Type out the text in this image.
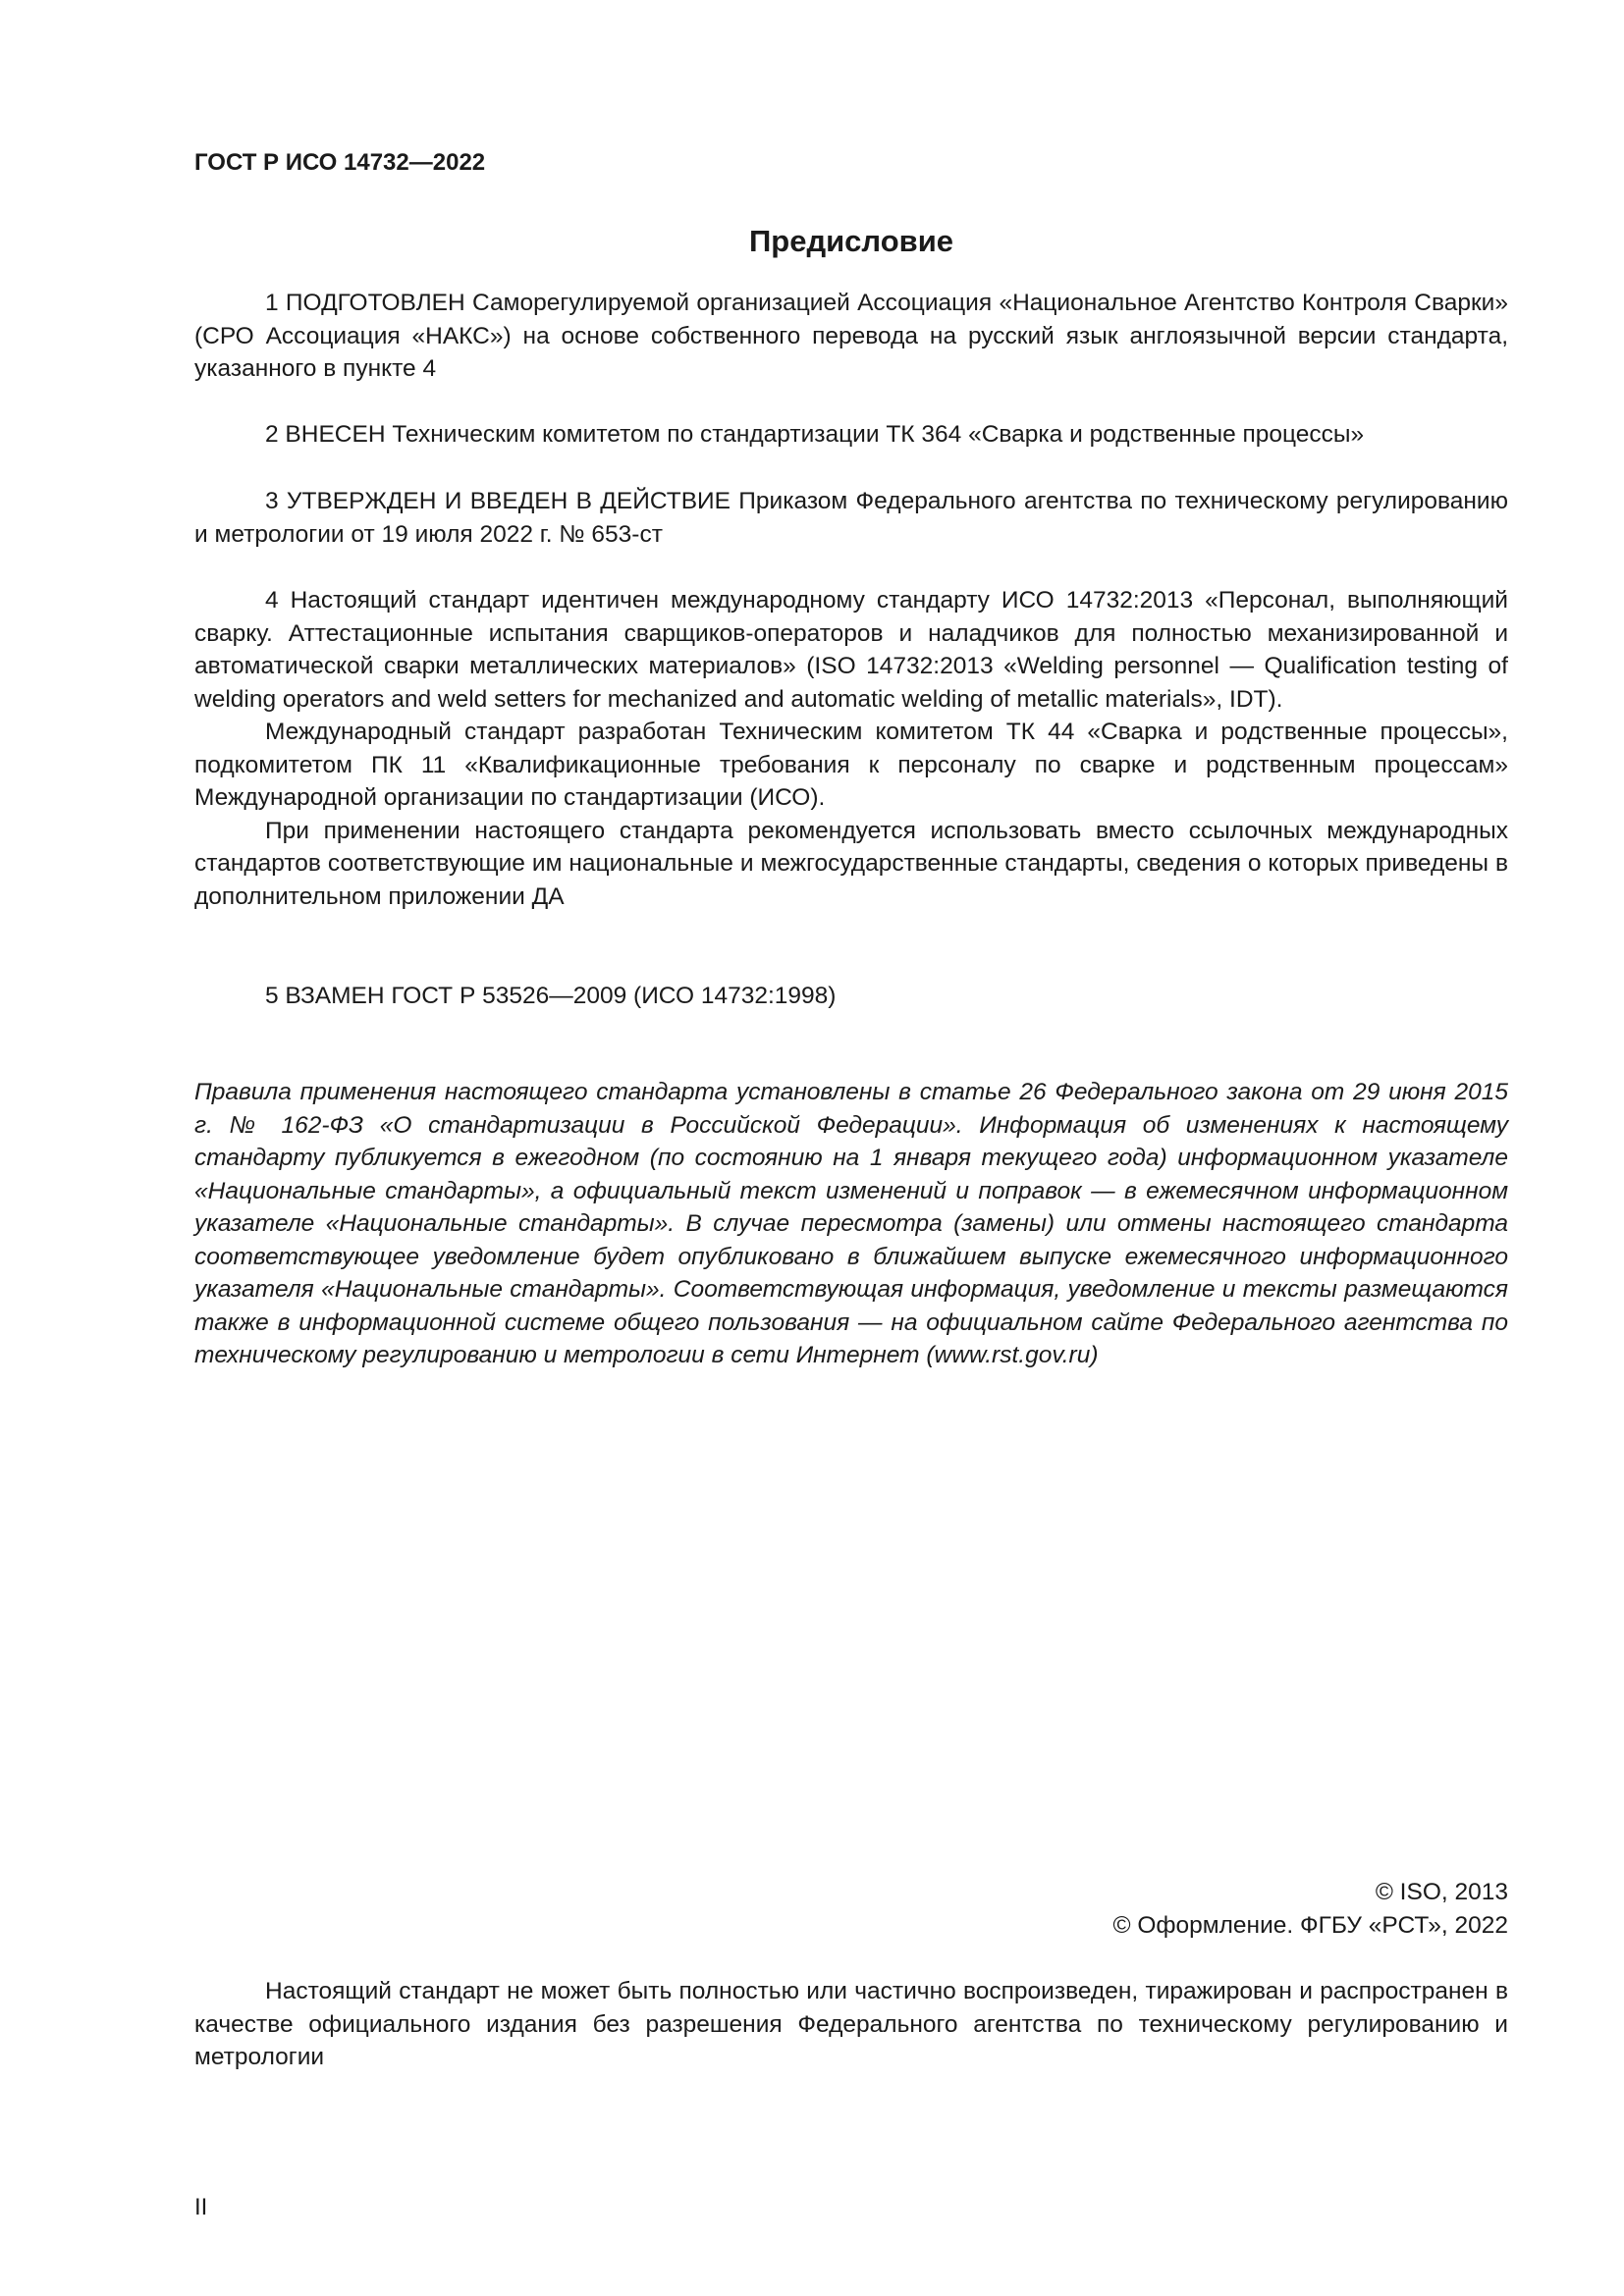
ГОСТ Р ИСО 14732—2022

Предисловие

1 ПОДГОТОВЛЕН Саморегулируемой организацией Ассоциация «Национальное Агентство Контроля Сварки» (СРО Ассоциация «НАКС») на основе собственного перевода на русский язык англоязычной версии стандарта, указанного в пункте 4

2 ВНЕСЕН Техническим комитетом по стандартизации ТК 364 «Сварка и родственные процессы»

3 УТВЕРЖДЕН И ВВЕДЕН В ДЕЙСТВИЕ Приказом Федерального агентства по техническому регулированию и метрологии от 19 июля 2022 г. № 653-ст

4 Настоящий стандарт идентичен международному стандарту ИСО 14732:2013 «Персонал, выполняющий сварку. Аттестационные испытания сварщиков-операторов и наладчиков для полностью механизированной и автоматической сварки металлических материалов» (ISO 14732:2013 «Welding personnel — Qualification testing of welding operators and weld setters for mechanized and automatic welding of metallic materials», IDT).

Международный стандарт разработан Техническим комитетом ТК 44 «Сварка и родственные процессы», подкомитетом ПК 11 «Квалификационные требования к персоналу по сварке и родственным процессам» Международной организации по стандартизации (ИСО).

При применении настоящего стандарта рекомендуется использовать вместо ссылочных международных стандартов соответствующие им национальные и межгосударственные стандарты, сведения о которых приведены в дополнительном приложении ДА

5 ВЗАМЕН ГОСТ Р 53526—2009 (ИСО 14732:1998)

Правила применения настоящего стандарта установлены в статье 26 Федерального закона от 29 июня 2015 г. № 162-ФЗ «О стандартизации в Российской Федерации». Информация об изменениях к настоящему стандарту публикуется в ежегодном (по состоянию на 1 января текущего года) информационном указателе «Национальные стандарты», а официальный текст изменений и поправок — в ежемесячном информационном указателе «Национальные стандарты». В случае пересмотра (замены) или отмены настоящего стандарта соответствующее уведомление будет опубликовано в ближайшем выпуске ежемесячного информационного указателя «Национальные стандарты». Соответствующая информация, уведомление и тексты размещаются также в информационной системе общего пользования — на официальном сайте Федерального агентства по техническому регулированию и метрологии в сети Интернет (www.rst.gov.ru)

© ISO, 2013

© Оформление. ФГБУ «РСТ», 2022

Настоящий стандарт не может быть полностью или частично воспроизведен, тиражирован и распространен в качестве официального издания без разрешения Федерального агентства по техническому регулированию и метрологии

II
